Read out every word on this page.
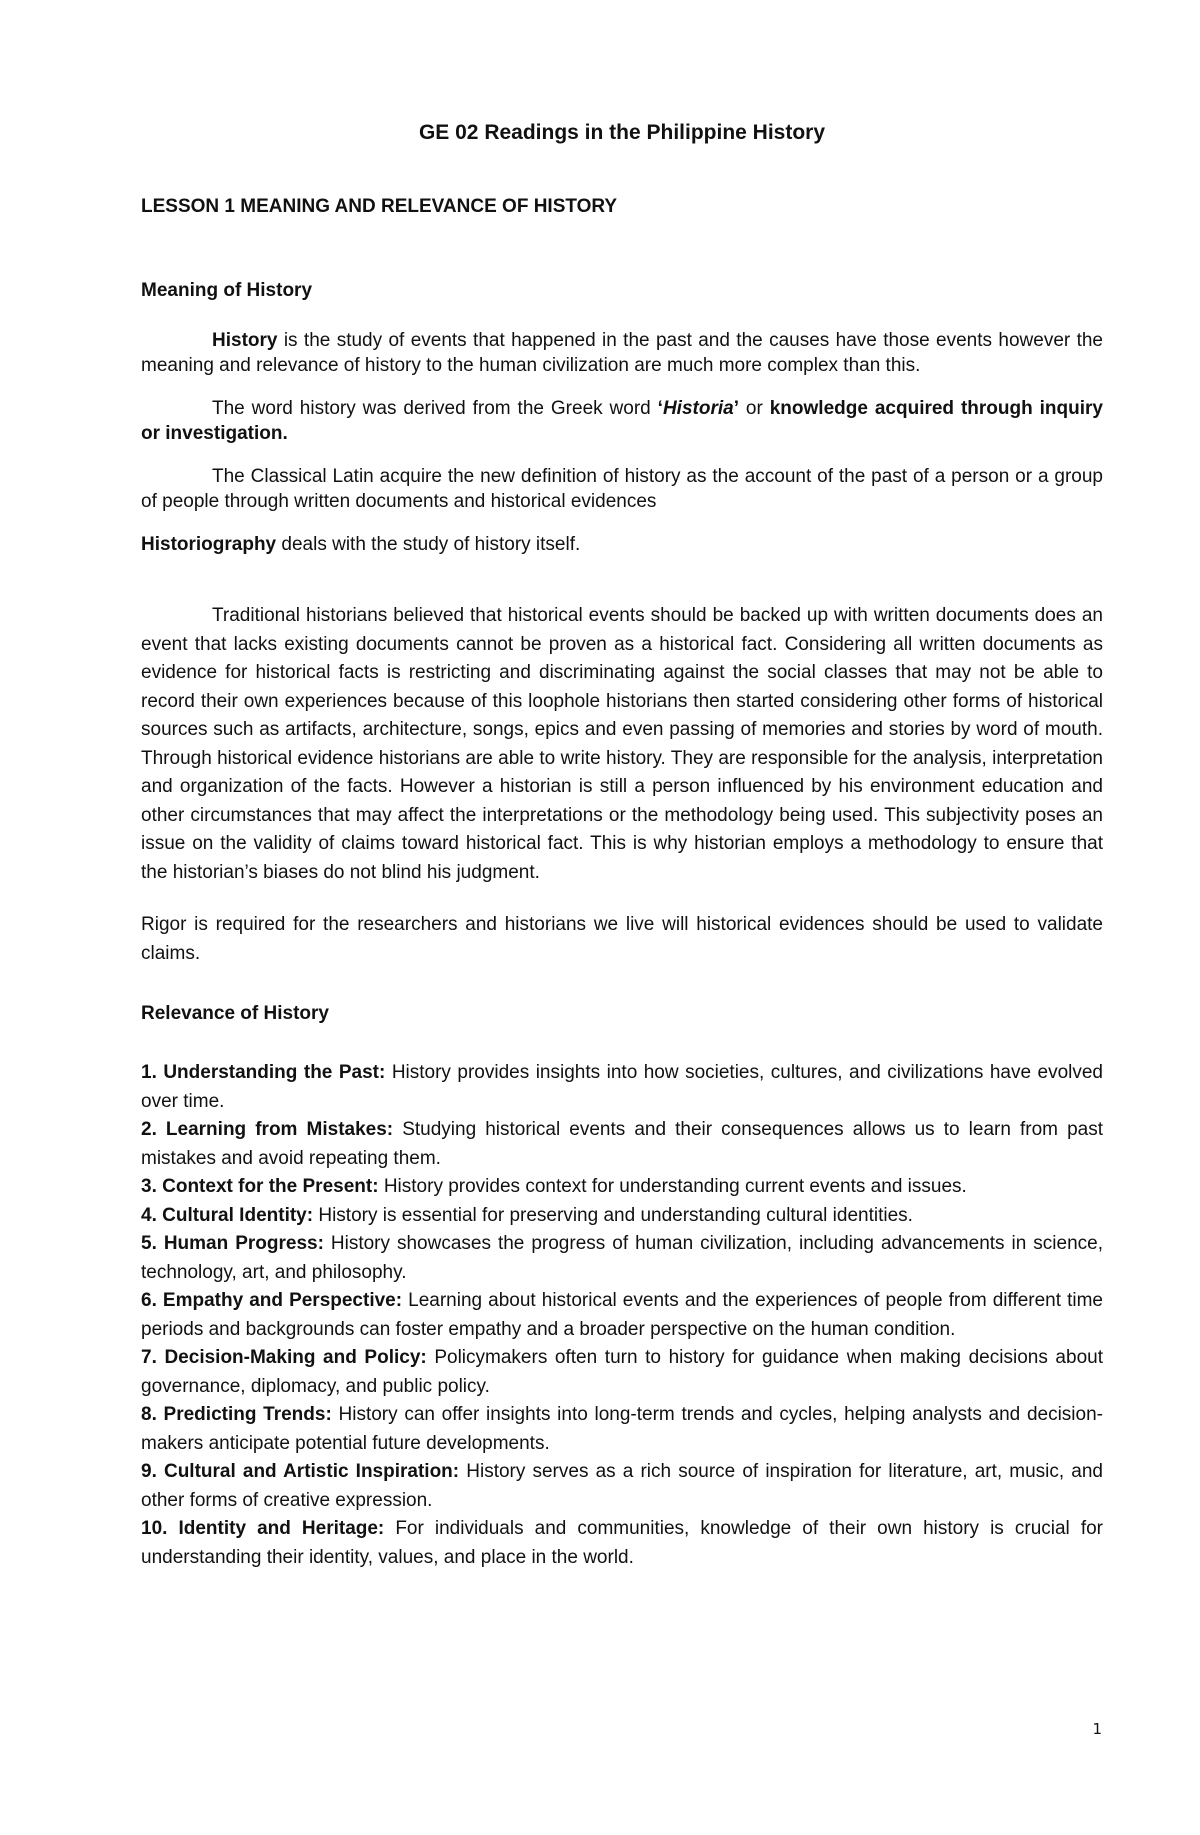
GE 02 Readings in the Philippine History
LESSON 1 MEANING AND RELEVANCE OF HISTORY
Meaning of History

History is the study of events that happened in the past and the causes have those events however the meaning and relevance of history to the human civilization are much more complex than this.

The word history was derived from the Greek word ‘Historia’ or knowledge acquired through inquiry or investigation.

The Classical Latin acquire the new definition of history as the account of the past of a person or a group of people through written documents and historical evidences

Historiography deals with the study of history itself.

Traditional historians believed that historical events should be backed up with written documents does an event that lacks existing documents cannot be proven as a historical fact. Considering all written documents as evidence for historical facts is restricting and discriminating against the social classes that may not be able to record their own experiences because of this loophole historians then started considering other forms of historical sources such as artifacts, architecture, songs, epics and even passing of memories and stories by word of mouth. Through historical evidence historians are able to write history. They are responsible for the analysis, interpretation and organization of the facts. However a historian is still a person influenced by his environment education and other circumstances that may affect the interpretations or the methodology being used. This subjectivity poses an issue on the validity of claims toward historical fact. This is why historian employs a methodology to ensure that the historian’s biases do not blind his judgment.

Rigor is required for the researchers and historians we live will historical evidences should be used to validate claims.

Relevance of History

1. Understanding the Past: History provides insights into how societies, cultures, and civilizations have evolved over time.

2. Learning from Mistakes: Studying historical events and their consequences allows us to learn from past mistakes and avoid repeating them.

3. Context for the Present: History provides context for understanding current events and issues.

4. Cultural Identity: History is essential for preserving and understanding cultural identities.

5. Human Progress: History showcases the progress of human civilization, including advancements in science, technology, art, and philosophy.

6. Empathy and Perspective: Learning about historical events and the experiences of people from different time periods and backgrounds can foster empathy and a broader perspective on the human condition.

7. Decision-Making and Policy: Policymakers often turn to history for guidance when making decisions about governance, diplomacy, and public policy.

8. Predicting Trends: History can offer insights into long-term trends and cycles, helping analysts and decision-makers anticipate potential future developments.

9. Cultural and Artistic Inspiration: History serves as a rich source of inspiration for literature, art, music, and other forms of creative expression.

10. Identity and Heritage: For individuals and communities, knowledge of their own history is crucial for understanding their identity, values, and place in the world.

1
